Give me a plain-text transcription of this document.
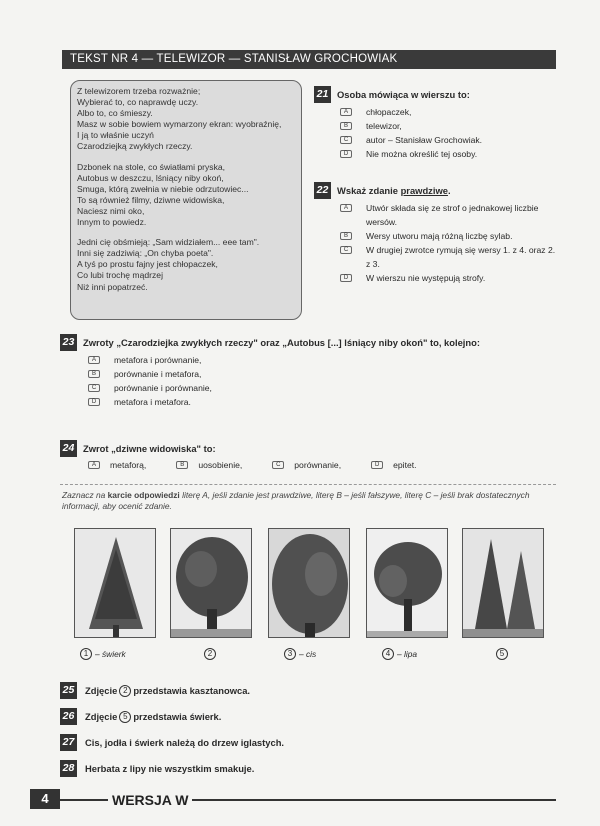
TEKST NR 4 — TELEWIZOR — STANISŁAW GROCHOWIAK
Z telewizorem trzeba rozważnie;
Wybierać to, co naprawdę uczy.
Albo to, co śmieszy.
Masz w sobie bowiem wymarzony ekran: wyobraźnię,
I ją to właśnie uczyń
Czarodziejką zwykłych rzeczy.
Dzbonek na stole, co światłami pryska,
Autobus w deszczu, lśniący niby okoń,
Smuga, którą zwełnia w niebie odrzutowiec...
To są również filmy, dziwne widowiska,
Naciesz nimi oko,
Innym to powiedz.
Jedni cię obśmieją: „Sam widziałem... eee tam".
Inni się zadziwią: „On chyba poeta".
A tyś po prostu fajny jest chłopaczek,
Co lubi trochę mądrzej
Niż inni popatrzeć.
21 Osoba mówiąca w wierszu to:
A	chłopaczek,
B	telewizor,
C	autor – Stanisław Grochowiak.
D	Nie można określić tej osoby.
22 Wskaż zdanie prawdziwe .
A	Utwór składa się ze strof o jednakowej liczbie wersów.
B	Wersy utworu mają różną liczbę sylab.
C	W drugiej zwrotce rymują się wersy 1. z 4. oraz 2. z 3.
D	W wierszu nie występują strofy.
23 Zwroty „Czarodziejka zwykłych rzeczy" oraz „Autobus [...] lśniący niby okoń" to, kolejno:
A	metafora i porównanie,
B	porównanie i metafora,
C	porównanie i porównanie,
D	metafora i metafora.
24 Zwrot „dziwne widowiska" to:
A	metaforą,	B	uosobienie,	C	porównanie,	D	epitet.
Zaznacz na karcie odpowiedzi literę A, jeśli zdanie jest prawdziwe, literę B – jeśli fałszywe, literę C – jeśli brak dostatecznych informacji, aby ocenić zdanie.
1 – świerk	2	3 – cis	4 – lipa	5
25 Zdjęcie 2 przedstawia kasztanowca.
26 Zdjęcie 5 przedstawia świerk.
27 Cis, jodła i świerk należą do drzew iglastych.
28 Herbata z lipy nie wszystkim smakuje.
4	WERSJA W
